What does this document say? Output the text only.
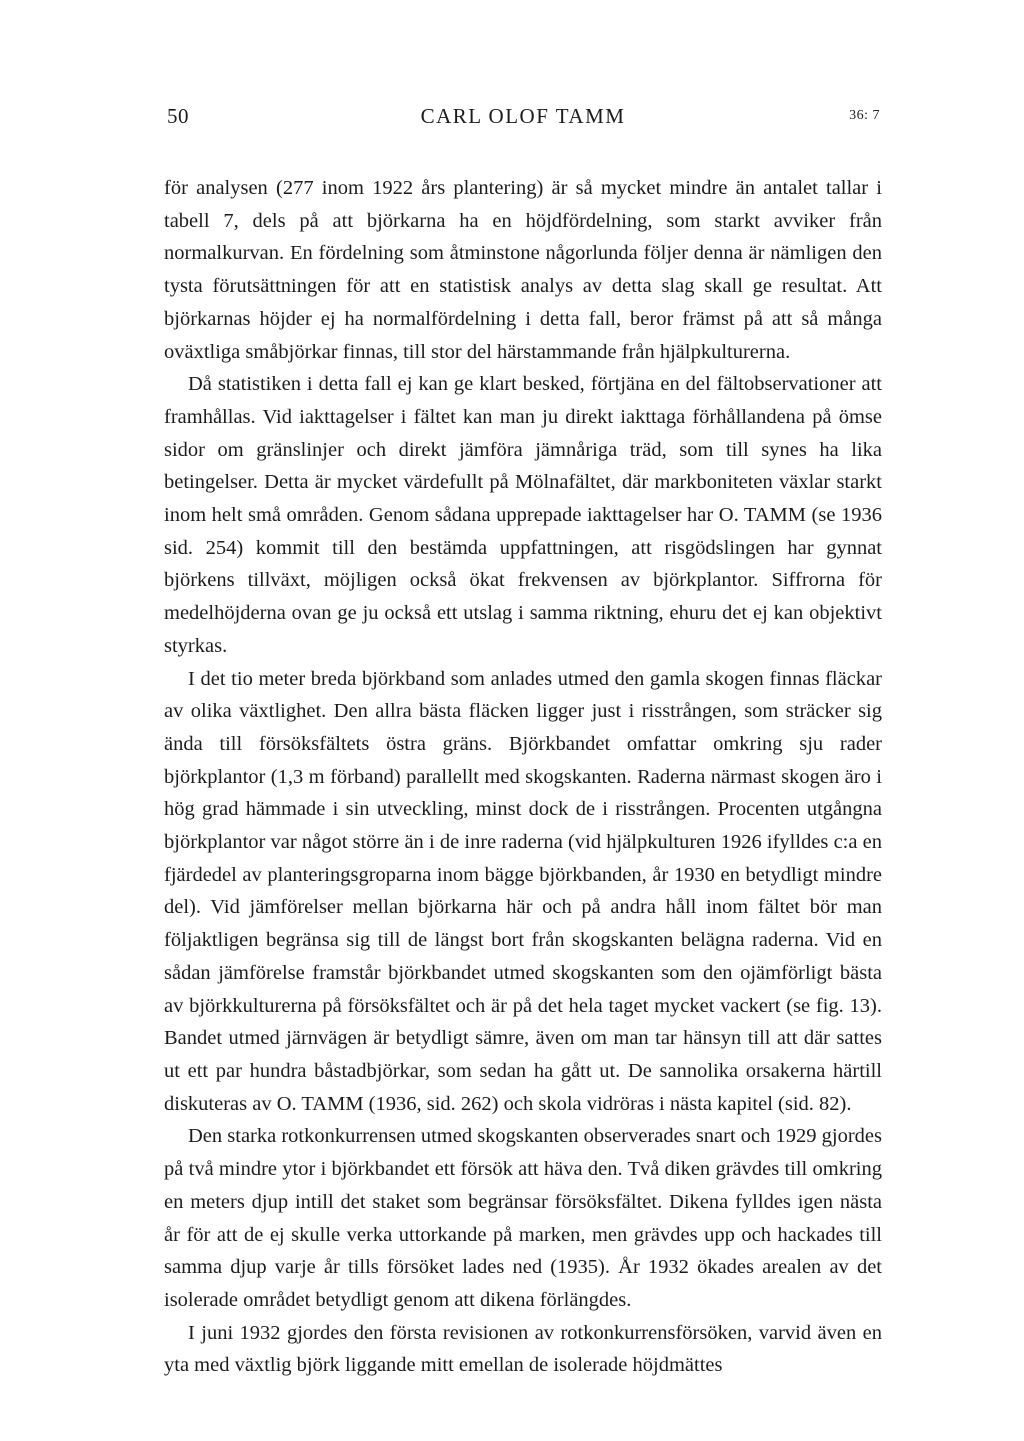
50	CARL OLOF TAMM	36: 7

för analysen (277 inom 1922 års plantering) är så mycket mindre än antalet tallar i tabell 7, dels på att björkarna ha en höjdfördelning, som starkt avviker från normalkurvan. En fördelning som åtminstone någorlunda följer denna är nämligen den tysta förutsättningen för att en statistisk analys av detta slag skall ge resultat. Att björkarnas höjder ej ha normalfördelning i detta fall, beror främst på att så många oväxtliga småbjörkar finnas, till stor del härstammande från hjälpkulturerna.

Då statistiken i detta fall ej kan ge klart besked, förtjäna en del fältobservationer att framhållas. Vid iakttagelser i fältet kan man ju direkt iakttaga förhållandena på ömse sidor om gränslinjer och direkt jämföra jämnåriga träd, som till synes ha lika betingelser. Detta är mycket värdefullt på Mölnafältet, där markboniteten växlar starkt inom helt små områden. Genom sådana upprepade iakttagelser har O. TAMM (se 1936 sid. 254) kommit till den bestämda uppfattningen, att risgödslingen har gynnat björkens tillväxt, möjligen också ökat frekvensen av björkplantor. Siffrorna för medelhöjderna ovan ge ju också ett utslag i samma riktning, ehuru det ej kan objektivt styrkas.

I det tio meter breda björkband som anlades utmed den gamla skogen finnas fläckar av olika växtlighet. Den allra bästa fläcken ligger just i risstrången, som sträcker sig ända till försöksfältets östra gräns. Björkbandet omfattar omkring sju rader björkplantor (1,3 m förband) parallellt med skogskanten. Raderna närmast skogen äro i hög grad hämmade i sin utveckling, minst dock de i risstrången. Procenten utgångna björkplantor var något större än i de inre raderna (vid hjälpkulturen 1926 ifylldes c:a en fjärdedel av planteringsgroparna inom bägge björkbanden, år 1930 en betydligt mindre del). Vid jämförelser mellan björkarna här och på andra håll inom fältet bör man följaktligen begränsa sig till de längst bort från skogskanten belägna raderna. Vid en sådan jämförelse framstår björkbandet utmed skogskanten som den ojämförligt bästa av björkkulturerna på försöksfältet och är på det hela taget mycket vackert (se fig. 13). Bandet utmed järnvägen är betydligt sämre, även om man tar hänsyn till att där sattes ut ett par hundra båstadbjörkar, som sedan ha gått ut. De sannolika orsakerna härtill diskuteras av O. TAMM (1936, sid. 262) och skola vidröras i nästa kapitel (sid. 82).

Den starka rotkonkurrensen utmed skogskanten observerades snart och 1929 gjordes på två mindre ytor i björkbandet ett försök att häva den. Två diken grävdes till omkring en meters djup intill det staket som begränsar försöksfältet. Dikena fylldes igen nästa år för att de ej skulle verka uttorkande på marken, men grävdes upp och hackades till samma djup varje år tills försöket lades ned (1935). År 1932 ökades arealen av det isolerade området betydligt genom att dikena förlängdes.

I juni 1932 gjordes den första revisionen av rotkonkurrensförsöken, varvid även en yta med växtlig björk liggande mitt emellan de isolerade höjdmättes
